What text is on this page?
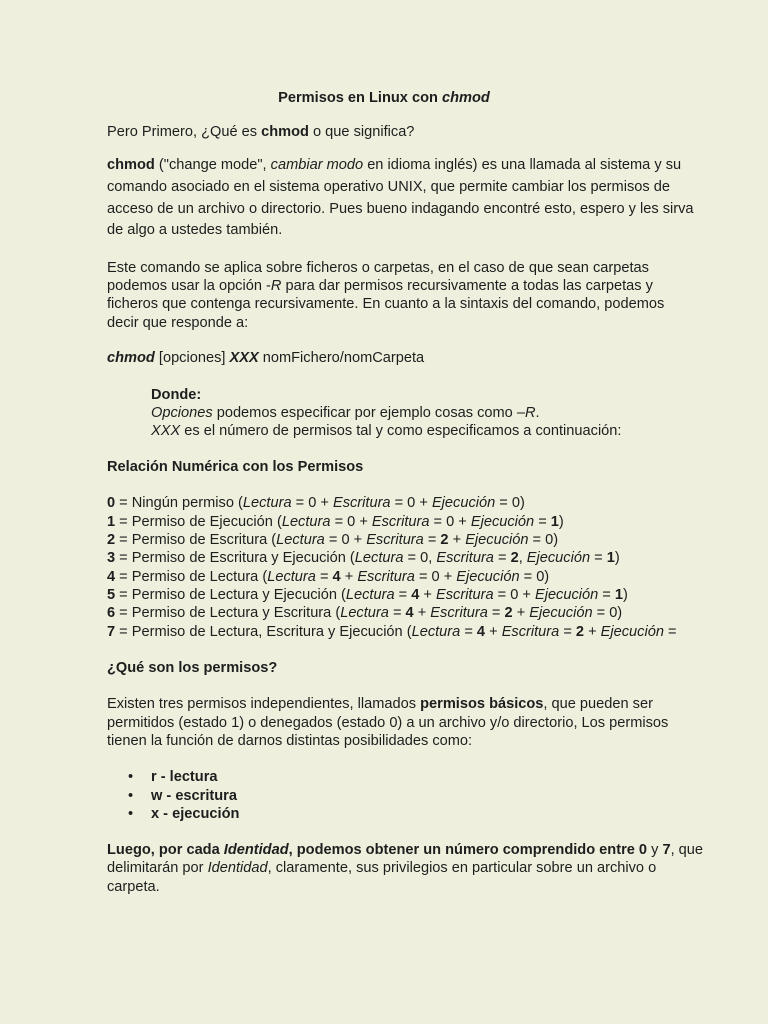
Permisos en Linux con chmod
Pero Primero, ¿Qué es chmod o que significa?
chmod ("change mode", cambiar modo en idioma inglés) es una llamada al sistema y su
comando asociado en el sistema operativo UNIX, que permite cambiar los permisos de
acceso de un archivo o directorio. Pues bueno indagando encontré esto, espero y les sirva
de algo a ustedes también.
Este comando se aplica sobre ficheros o carpetas, en el caso de que sean carpetas
podemos usar la opción -R para dar permisos recursivamente a todas las carpetas y
ficheros que contenga recursivamente. En cuanto a la sintaxis del comando, podemos
decir que responde a:
chmod [opciones] XXX nomFichero/nomCarpeta
Donde:
Opciones podemos especificar por ejemplo cosas como –R.
XXX es el número de permisos tal y como especificamos a continuación:
Relación Numérica con los Permisos
0 = Ningún permiso (Lectura = 0 + Escritura = 0 + Ejecución = 0)
1 = Permiso de Ejecución (Lectura = 0 + Escritura = 0 + Ejecución = 1)
2 = Permiso de Escritura (Lectura = 0 + Escritura = 2 + Ejecución = 0)
3 = Permiso de Escritura y Ejecución (Lectura = 0, Escritura = 2, Ejecución = 1)
4 = Permiso de Lectura (Lectura = 4 + Escritura = 0 + Ejecución = 0)
5 = Permiso de Lectura y Ejecución (Lectura = 4 + Escritura = 0 + Ejecución = 1)
6 = Permiso de Lectura y Escritura (Lectura = 4 + Escritura = 2 + Ejecución = 0)
7 = Permiso de Lectura, Escritura y Ejecución (Lectura = 4 + Escritura = 2 + Ejecución =
¿Qué son los permisos?
Existen tres permisos independientes, llamados permisos básicos, que pueden ser
permitidos (estado 1) o denegados (estado 0) a un archivo y/o directorio, Los permisos
tienen la función de darnos distintas posibilidades como:
• r - lectura
• w - escritura
• x - ejecución
Luego, por cada Identidad, podemos obtener un número comprendido entre 0 y 7, que
delimitarán por Identidad, claramente, sus privilegios en particular sobre un archivo o
carpeta.
